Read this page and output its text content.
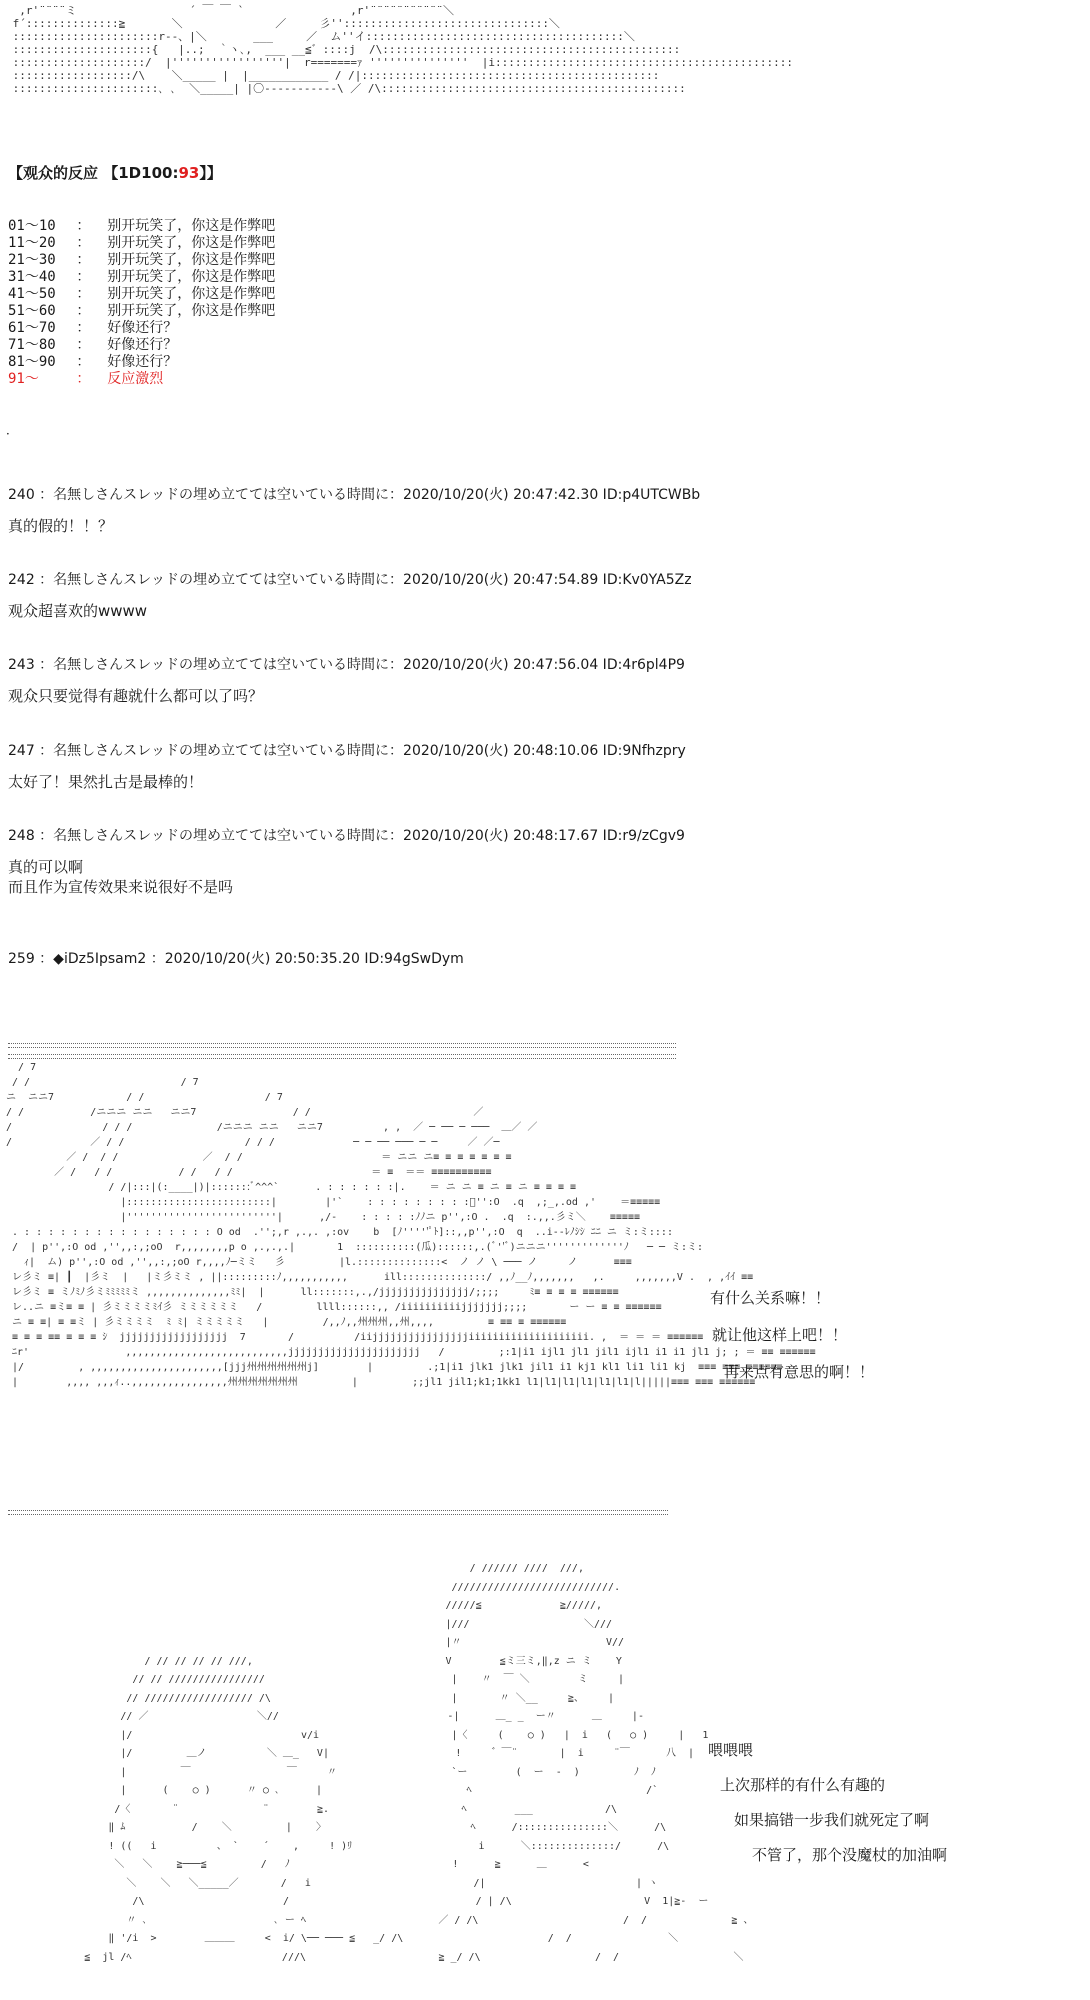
,r'¨¨¨¨ミ                 ´ ￣ ￣ `                ,r'¨¨¨¨¨¨¨¨¨¨¨＼
f´::::::::::::::≧       ＼              ／     彡'':::::::::::::::::::::::::::::::＼
::::::::::::::::::::::r‐‐、|＼       ___     ／  ム''イ:::::::::::::::::::::::::::::::::::::::＼
:::::::::::::::::::::{   |..;  ｀ヽ､,  ___ __≦゛::::j  /\:::::::::::::::::::::::::::::::::::::::::::::
::::::::::::::::::::/  |'''''''''''''''''|  r=======ｧ '''''''''''''''  |i:::::::::::::::::::::::::::::::::::::::::::::
::::::::::::::::::/\    ＼_____ |  |____________ / /|:::::::::::::::::::::::::::::::::::::::::::::
::::::::::::::::::::::､ ､  ＼_____| |〇-----------\ ／ /\::::::::::::::::::::::::::::::::::::::::::::::
【观众的反应 【1D100:93】】
01～10 ：  别开玩笑了，你这是作弊吧
11～20 ：  别开玩笑了，你这是作弊吧
21～30 ：  别开玩笑了，你这是作弊吧
31～40 ：  别开玩笑了，你这是作弊吧
41～50 ：  别开玩笑了，你这是作弊吧
51～60 ：  别开玩笑了，你这是作弊吧
61～70 ：  好像还行？
71～80 ：  好像还行？
81～90 ：  好像还行？
91～  ：  反应激烈
．
240 ：名無しさんスレッドの埋め立てては空いている時間に：2020/10/20(火) 20:47:42.30 ID:p4UTCWBb
真的假的！！？
242 ：名無しさんスレッドの埋め立てては空いている時間に：2020/10/20(火) 20:47:54.89 ID:Kv0YA5Zz
观众超喜欢的wwww
243 ：名無しさんスレッドの埋め立てては空いている時間に：2020/10/20(火) 20:47:56.04 ID:4r6pl4P9
观众只要觉得有趣就什么都可以了吗？
247 ：名無しさんスレッドの埋め立てては空いている時間に：2020/10/20(火) 20:48:10.06 ID:9Nfhzpry
太好了！果然扎古是最棒的！
248 ：名無しさんスレッドの埋め立てては空いている時間に：2020/10/20(火) 20:48:17.67 ID:r9/zCgv9
真的可以啊
而且作为宣传效果来说很好不是吗
259 ：◆iDz5Ipsam2 ：2020/10/20(火) 20:50:35.20 ID:94gSwDym
/ 7
/ /                         / 7
ニ  ニニ7            / /                    / 7
/ /           /ニニニ ニニ   ニニ7                / /                           ／
/               / / /              /ニニニ ニニ   ニニ7          , ,  ／ ─ ── ─ ───  ＿／ ／
/             ／ / /                    / / /             ─ ─ ── ─── ─ ─     ／ ／─
／ /  / /              ／  / /                       ＝ ニニ ニ≡ ≡ ≡ ≡ ≡ ≡ ≡
／ /   / /           / /   / /                       ＝ ≡  ＝＝ ≡≡≡≡≡≡≡≡≡≡
/ /|:::|(:____|)|:::::::ﾞ^^^`      . : : : : : :|.    ＝ ニ ニ ≡ ニ ≡ ニ ≡ ≡ ≡ ≡
|::::::::::::::::::::::::|        |'`    : : : : : : : : :ﾟ'':O  .q  ,;_,.od ,'    ＝≡≡≡≡≡
|'''''''''''''''''''''''''|      ,/‐    : : : : :ﾉﾉニ p'',:O .  .q  :.,,.彡ミ＼    ≡≡≡≡≡
. : : : : : : : : : : : : : : : : O od  .'';,r ,.,. ,:ov    b  [ﾉ'''''ﾟﾄ]::,,p'',:O  q  ..i‐‐ﾚﾉｼｼ ﾆﾆ ニ ミ:ミ::::
/  | p'',:O od ,'',,:,;oO  r,,,,,,,,p o ,.,.,.|       1  ::::::::::(瓜)::::::,.(ﾞ''ﾞ)ニニニ'''''''''''''ﾉ   ─ ─ ミ:ミ:
ｨ|  ム) p'',:O od ,'',,:,;oO r,,,,ﾉ─ミミ   彡         |l.::::::::::::::<  ノ ノ \ ─── ノ     ノ      ≡≡≡
レ彡ミ ≡| ┃  |彡ミ  |   |ミ彡ミミ , ||:::::::::ﾉ,,,,,,,,,,,      ill::::::::::::::/ ,,ﾉ__ﾉ,,,,,,,   ,.     ,,,,,,,V .  , ,ｲｲ ≡≡
レ彡ミ ≡ ミﾉﾐﾉ彡ミﾐﾐﾐﾐﾐミ ,,,,,,,,,,,,,,ﾐﾐ|  |      ll:::::::,.,/jjjjjjjjjjjjjjj/;;;;     ﾐ≡ ≡ ≡ ≡ ≡≡≡≡≡≡
レ..ニ ≡ミ≡ ≡ | 彡ミミミミﾐｲ彡 ミミミミミミ   /         llll::::::,, /iiiiiiiiiijjjjjjj;;;;       ー ー ≡ ≡ ≡≡≡≡≡≡
ニ ≡ ≡| ≡ ≡ミ | 彡ミミミミ  ﾐ ﾐ| ミミミミミ   |         /,,ﾉ,,州州州,,州,,,,         ≡ ≡≡ ≡ ≡≡≡≡≡≡
≡ ≡ ≡ ≡≡ ≡ ≡ ≡ ｼ  jjjjjjjjjjjjjjjjjj  7       /          /iijjjjjjjjjjjjjjjjiiiiiiiiiiiiiiiiiiii. ,  ＝ ＝ ＝ ≡≡≡≡≡≡
ﾆr'                ,,,,,,,,,,,,,,,,,,,,,,,,,,,jjjjjjjjjjjjjjjjjjjjjj   /         ;:1|i1 ijl1 jl1 jil1 ijl1 i1 i1 jl1 j; ; ＝ ≡≡ ≡≡≡≡≡≡
|/         , ,,,,,,,,,,,,,,,,,,,,,,[jjj州州州州州州j]        |         .;1|i1 jlk1 jlk1 jil1 i1 kj1 kl1 li1 li1 kj  ≡≡≡ ≡≡≡ ≡≡≡≡≡≡
|        ,,,, ,,,ｨ..,,,,,,,,,,,,,,,,州州州州州州州         |         ;;jl1 jil1;k1;1kk1 l1|l1|l1|l1|l1|l1|l|||||≡≡≡ ≡≡≡ ≡≡≡≡≡≡
有什么关系嘛！！
就让他这样上吧！！
再来点有意思的啊！！
/ ////// ////  ///,
///////////////////////////.
/////≦             ≧/////,
|///                   ＼///
|〃                        V//
/ // // // // ///,                                V        ≦ミ三ミ,‖,z ニ ミ    Y
// // ////////////////                               |    〃  ￣ ＼        ミ     |
// ////////////////// /\                              |       〃 ＼__     ≧、    |
// ／                  ＼//                            -|      ＿_ _  ー〃      ＿     |-
|/                            v/i                      |〈     (    ○ )   |  i   (   ○ )     |   1
|/         ＿ノ          ＼ ＿_   V|                     !     ゛￣¨       |  i     ¨￣      八  |
|         ￣                ￣     〃                   `ー        (  ー  -  )         ﾉ  ﾉ
|      (    ○ )      〃 ○ ､      |                        ﾍ                             /`
/〈       ¨              ¨        ≧.                      ﾍ        ___            /\
‖ ﾑ           /    ＼         |    〉                        ﾍ      /:::::::::::::::＼      /\
! ((   i          、 `    ´    ,     ! )ﾘ                     i      ＼::::::::::::::/      /\
＼   ＼    ≧───≦         /   ﾉ                           !      ≧      ＿      <
＼    ＼   ＼_____／       /   i                           /|                         | ヽ
/\                       /                               / | /\                      V  1|≧-  ー
〃 ､                     ､ ー ﾍ                      ／ / /\                        /  /              ≧ 、
‖ '/i  >        ＿＿＿     <  i/ \── ─── ≦   _/ /\                        /  /                ＼
≦  jl /ﾍ                         ///\                      ≧ _/ /\                   /  /                   ＼
喂喂喂
上次那样的有什么有趣的
如果搞错一步我们就死定了啊
不管了，那个没魔杖的加油啊
